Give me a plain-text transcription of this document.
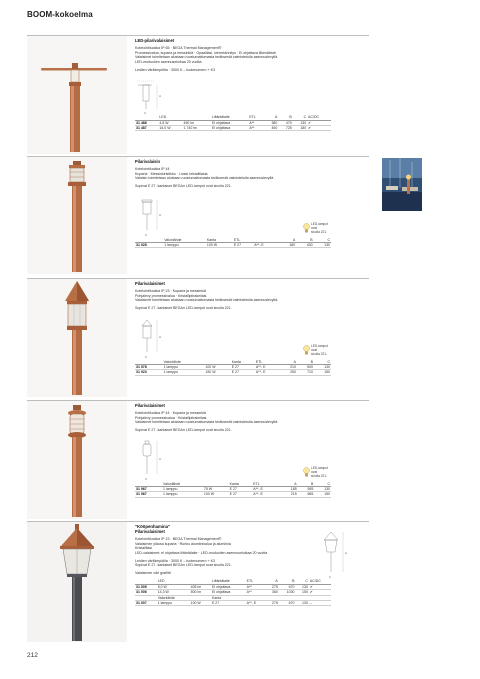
BOOM-kokoelma
LED-pilarivalaisimet
Kotelointiluokka IP 65 · BEGA Thermal Management®
Promessivalua, kuparia ja messinkiä · Opaalilasi, kierrekiinnitys · Ei ohjattava lilkentäistä
Valaisimet toimitetaan alustaan ruostumattomasta teräksestä valmistetulla asennuslevyllä.
LED-moduulien asennuseluikaa 20 vuotta
Leidien värilämpötila · 3000 K – tuotenumero + K3
A
C
	LED		Liitäntälaite	ETL	A	B	C	AC/DC
31 488	4,8 W	450 lm	Ei ohjattava	A**	380	470	130	✔
31 487	16,0 W	1 740 lm	Ei ohjattava	A**	450	725	180	✔
Pilarivalaisin
Kotelointiluokka IP 44
Kuparia · Messinkiristikko · Linssi kristallilasia
Valaisin toimitetaan alustaan ruostumattomasta teräksestä valmistetulla asennuslevyllä.
Sopivat E 27 -kantaiset BEGAn LED-lamput ovat sivulla 221.
A
C
LED-lamput
ovat
sivulla 221.
	Valonlähde	Kanta	ETL		A	B	C
31 028	1 lamppu	100 W	E 27	A**- E	180	430	130
Pilarivalaisimet
Kotelointiluokka IP 23 · Kuparia ja messinkiä
Pohjalevy promessivalua · Kristallipiirakeilasi
Valaisimet toimitetaan alustaan ruostumattomasta teräksestä valmistetulla asennuslevyllä.
Sopivat E 27 -kantaiset BEGAn LED-lamput ovat sivulla 221.
A
C
LED-lamput
ovat
sivulla 221.
	Valonlähde		Kanta	ETL	A	B	C
31 078	1 lamppu	100 W	E 27	A**- E	210	500	130
31 023	1 lamppu	150 W	E 27	A**- E	250	710	150
Pilarivalaisimet
Kotelointiluokka IP 44 · Kuparia ja messinkiä
Pohjalevy promessivalua · Kristallipiirakeilasi
Valaisimet toimitetaan alustaan ruostumattomasta teräksestä valmistetulla asennuslevyllä.
Sopivat E 27 -kantaiset BEGAn LED-lamput ovat sivulla 221.
A
C
LED-lamput
ovat
sivulla 221.
	Valonlähde		Kanta	ETL		A	B	C
31 067	1 lamppu	75 W	E 27	A**- E		185	595	130
31 067	1 lamppu	100 W	E 27	A**- E		215	665	150
"Kööpenhamina"
Pilarivalaisimet
Kotelointiluokka IP 23 · BEGA Thermal Management®
Valaisimen yläosa kuparia · Runko alumiinivalua ja alumiinia
Kristallilasi
LED-valaisimet: ei ohjattava liitäntälaite · LED-moduulien asennuseluikaa 20 vuotta
Leidien värilämpötila · 3000 K – tuotenumero + K3
Sopivat E 27 -kantaiset BEGAn LED-lamput ovat sivulla 221.
Valaisimen väri grafiitti
	LED		Liitäntälaite	ETL	A	B	C	AC/DC
31 005	5,0 W	405 lm	Ei ohjattava	A**	275	670	130	✔
31 006	14,3 W	800 lm	Ei ohjattava	A**	360	1030	150	✔
	Valonlähde		Kanta					
31 007	1 lamppu	100 W	E 27	A**- E	275	670	130	–
A
C
212
